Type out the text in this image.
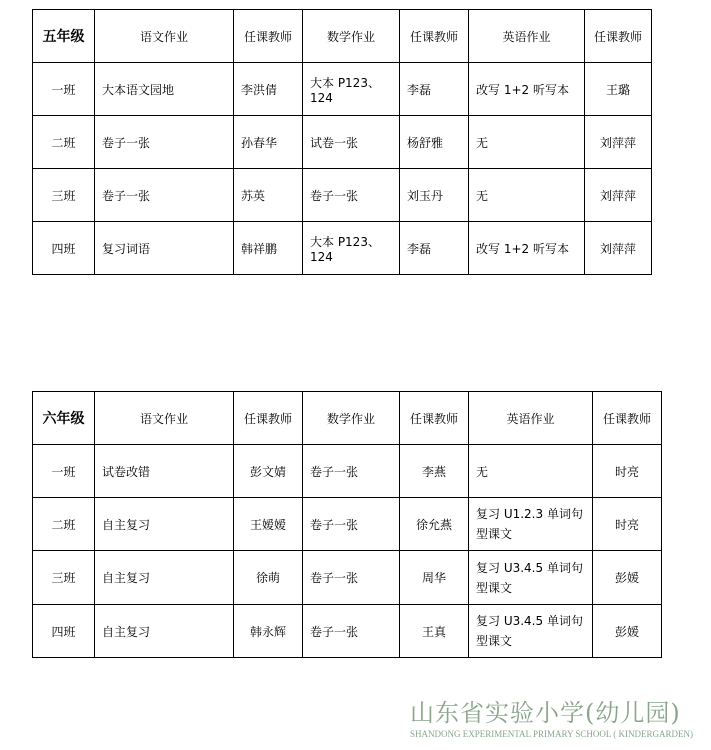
五年级	语文作业	任课教师	数学作业	任课教师	英语作业	任课教师
一班	大本语文园地	李洪倩	大本 P123、124	李磊	改写 1+2 听写本	王璐
二班	卷子一张	孙春华	试卷一张	杨舒雅	无	刘萍萍
三班	卷子一张	苏英	卷子一张	刘玉丹	无	刘萍萍
四班	复习词语	韩祥鹏	大本 P123、124	李磊	改写 1+2 听写本	刘萍萍
六年级	语文作业	任课教师	数学作业	任课教师	英语作业	任课教师
一班	试卷改错	彭文婧	卷子一张	李燕	无	时亮
二班	自主复习	王嫒嫒	卷子一张	徐允燕	复习 U1.2.3 单词句型课文	时亮
三班	自主复习	徐萌	卷子一张	周华	复习 U3.4.5 单词句型课文	彭媛
四班	自主复习	韩永辉	卷子一张	王真	复习 U3.4.5 单词句型课文	彭媛
山东省实验小学(幼儿园)
SHANDONG EXPERIMENTAL PRIMARY SCHOOL ( KINDERGARDEN)
